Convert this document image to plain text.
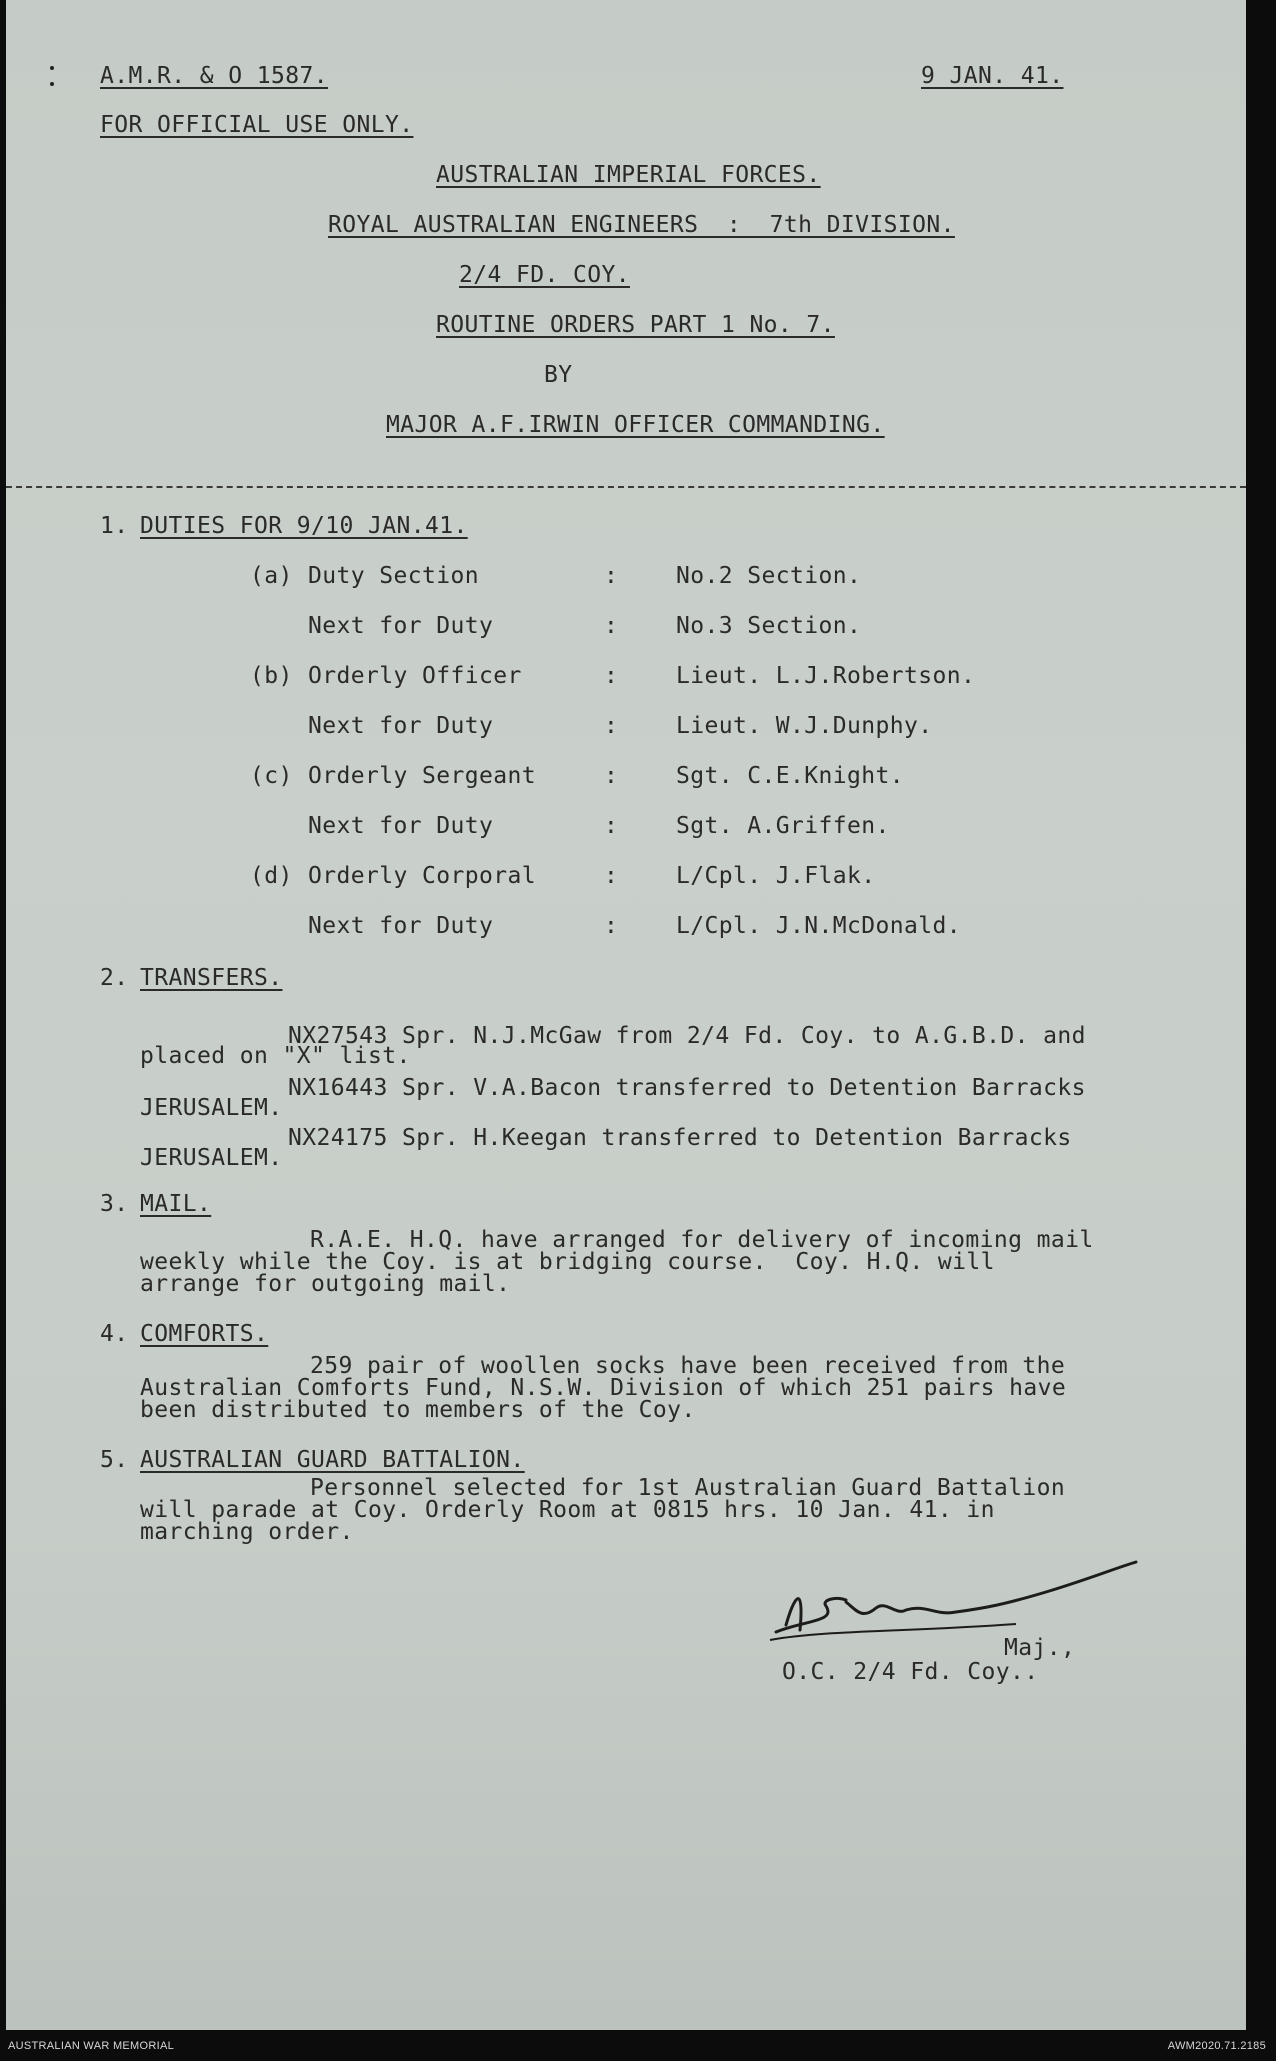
A.M.R. & O 1587.	9 JAN. 41.
FOR OFFICIAL USE ONLY.
AUSTRALIAN IMPERIAL FORCES.
ROYAL AUSTRALIAN ENGINEERS  :  7th DIVISION.
2/4 FD. COY.
ROUTINE ORDERS PART 1 No. 7.
BY
MAJOR A.F.IRWIN OFFICER COMMANDING.
1. DUTIES FOR 9/10 JAN.41.
(a) Duty Section	:	No.2 Section.
Next for Duty	:	No.3 Section.
(b) Orderly Officer	:	Lieut. L.J.Robertson.
Next for Duty	:	Lieut. W.J.Dunphy.
(c) Orderly Sergeant	:	Sgt. C.E.Knight.
Next for Duty	:	Sgt. A.Griffen.
(d) Orderly Corporal	:	L/Cpl. J.Flak.
Next for Duty	:	L/Cpl. J.N.McDonald.
2. TRANSFERS.
NX27543 Spr. N.J.McGaw from 2/4 Fd. Coy. to A.G.B.D. and
placed on "X" list.
NX16443 Spr. V.A.Bacon transferred to Detention Barracks
JERUSALEM.
NX24175 Spr. H.Keegan transferred to Detention Barracks
JERUSALEM.
3. MAIL.
R.A.E. H.Q. have arranged for delivery of incoming mail
weekly while the Coy. is at bridging course.  Coy. H.Q. will
arrange for outgoing mail.
4. COMFORTS.
259 pair of woollen socks have been received from the
Australian Comforts Fund, N.S.W. Division of which 251 pairs have
been distributed to members of the Coy.
5. AUSTRALIAN GUARD BATTALION.
Personnel selected for 1st Australian Guard Battalion
will parade at Coy. Orderly Room at 0815 hrs. 10 Jan. 41. in
marching order.
Maj.,
O.C. 2/4 Fd. Coy..
AUSTRALIAN WAR MEMORIAL	AWM2020.71.2185
